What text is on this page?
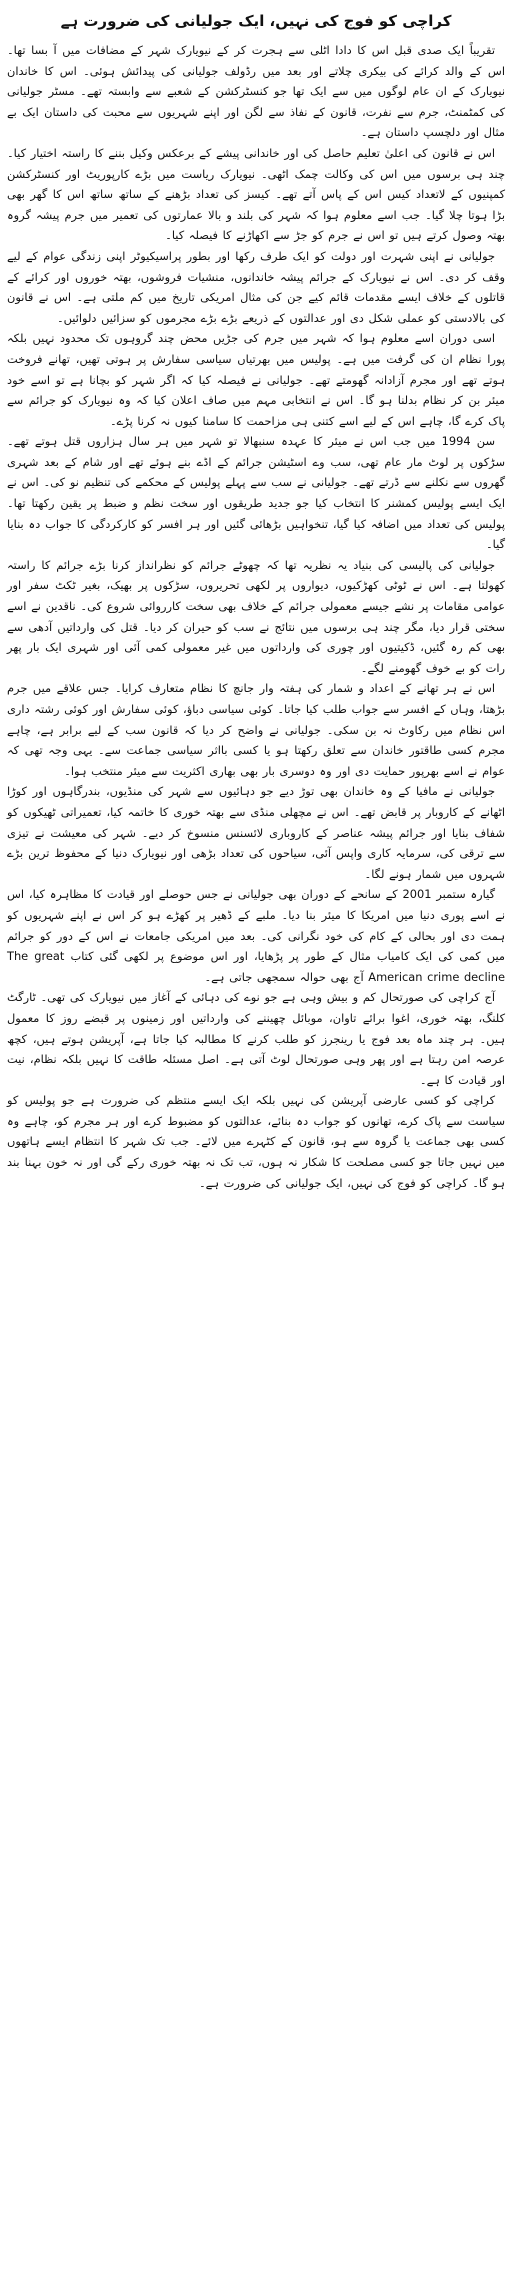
کراچی کو فوج کی نہیں، ایک جولیانی کی ضرورت ہے

تقریباً ایک صدی قبل اس کا دادا اٹلی سے ہجرت کر کے نیویارک شہر کے مضافات میں آ بسا تھا۔ اس کے والد کرائے کی بیکری چلاتے اور بعد میں رڈولف جولیانی کی پیدائش ہوئی۔ اس کا خاندان نیویارک کے ان عام لوگوں میں سے ایک تھا جو کنسٹرکشن کے شعبے سے وابستہ تھے۔ مسٹر جولیانی کی کمٹمنٹ، جرم سے نفرت، قانون کے نفاذ سے لگن اور اپنے شہریوں سے محبت کی داستان ایک بے مثال اور دلچسپ داستان ہے۔

اس نے قانون کی اعلیٰ تعلیم حاصل کی اور خاندانی پیشے کے برعکس وکیل بننے کا راستہ اختیار کیا۔ چند ہی برسوں میں اس کی وکالت چمک اٹھی۔ نیویارک ریاست میں بڑے کارپوریٹ اور کنسٹرکشن کمپنیوں کے لاتعداد کیس اس کے پاس آتے تھے۔ کیسز کی تعداد بڑھنے کے ساتھ ساتھ اس کا گھر بھی بڑا ہوتا چلا گیا۔ جب اسے معلوم ہوا کہ شہر کی بلند و بالا عمارتوں کی تعمیر میں جرم پیشہ گروہ بھتہ وصول کرتے ہیں تو اس نے جرم کو جڑ سے اکھاڑنے کا فیصلہ کیا۔

جولیانی نے اپنی شہرت اور دولت کو ایک طرف رکھا اور بطور پراسیکیوٹر اپنی زندگی عوام کے لیے وقف کر دی۔ اس نے نیویارک کے جرائم پیشہ خاندانوں، منشیات فروشوں، بھتہ خوروں اور کرائے کے قاتلوں کے خلاف ایسے مقدمات قائم کیے جن کی مثال امریکی تاریخ میں کم ملتی ہے۔ اس نے قانون کی بالادستی کو عملی شکل دی اور عدالتوں کے ذریعے بڑے بڑے مجرموں کو سزائیں دلوائیں۔

اسی دوران اسے معلوم ہوا کہ شہر میں جرم کی جڑیں محض چند گروہوں تک محدود نہیں بلکہ پورا نظام ان کی گرفت میں ہے۔ پولیس میں بھرتیاں سیاسی سفارش پر ہوتی تھیں، تھانے فروخت ہوتے تھے اور مجرم آزادانہ گھومتے تھے۔ جولیانی نے فیصلہ کیا کہ اگر شہر کو بچانا ہے تو اسے خود میئر بن کر نظام بدلنا ہو گا۔ اس نے انتخابی مہم میں صاف اعلان کیا کہ وہ نیویارک کو جرائم سے پاک کرے گا، چاہے اس کے لیے اسے کتنی ہی مزاحمت کا سامنا کیوں نہ کرنا پڑے۔

سن 1994 میں جب اس نے میئر کا عہدہ سنبھالا تو شہر میں ہر سال ہزاروں قتل ہوتے تھے۔ سڑکوں پر لوٹ مار عام تھی، سب وے اسٹیشن جرائم کے اڈے بنے ہوئے تھے اور شام کے بعد شہری گھروں سے نکلنے سے ڈرتے تھے۔ جولیانی نے سب سے پہلے پولیس کے محکمے کی تنظیم نو کی۔ اس نے ایک ایسے پولیس کمشنر کا انتخاب کیا جو جدید طریقوں اور سخت نظم و ضبط پر یقین رکھتا تھا۔ پولیس کی تعداد میں اضافہ کیا گیا، تنخواہیں بڑھائی گئیں اور ہر افسر کو کارکردگی کا جواب دہ بنایا گیا۔

جولیانی کی پالیسی کی بنیاد یہ نظریہ تھا کہ چھوٹے جرائم کو نظرانداز کرنا بڑے جرائم کا راستہ کھولتا ہے۔ اس نے ٹوٹی کھڑکیوں، دیواروں پر لکھی تحریروں، سڑکوں پر بھیک، بغیر ٹکٹ سفر اور عوامی مقامات پر نشے جیسے معمولی جرائم کے خلاف بھی سخت کارروائی شروع کی۔ ناقدین نے اسے سختی قرار دیا، مگر چند ہی برسوں میں نتائج نے سب کو حیران کر دیا۔ قتل کی وارداتیں آدھی سے بھی کم رہ گئیں، ڈکیتیوں اور چوری کی وارداتوں میں غیر معمولی کمی آئی اور شہری ایک بار پھر رات کو بے خوف گھومنے لگے۔

اس نے ہر تھانے کے اعداد و شمار کی ہفتہ وار جانچ کا نظام متعارف کرایا۔ جس علاقے میں جرم بڑھتا، وہاں کے افسر سے جواب طلب کیا جاتا۔ کوئی سیاسی دباؤ، کوئی سفارش اور کوئی رشتہ داری اس نظام میں رکاوٹ نہ بن سکی۔ جولیانی نے واضح کر دیا کہ قانون سب کے لیے برابر ہے، چاہے مجرم کسی طاقتور خاندان سے تعلق رکھتا ہو یا کسی بااثر سیاسی جماعت سے۔ یہی وجہ تھی کہ عوام نے اسے بھرپور حمایت دی اور وہ دوسری بار بھی بھاری اکثریت سے میئر منتخب ہوا۔

جولیانی نے مافیا کے وہ خاندان بھی توڑ دیے جو دہائیوں سے شہر کی منڈیوں، بندرگاہوں اور کوڑا اٹھانے کے کاروبار پر قابض تھے۔ اس نے مچھلی منڈی سے بھتہ خوری کا خاتمہ کیا، تعمیراتی ٹھیکوں کو شفاف بنایا اور جرائم پیشہ عناصر کے کاروباری لائسنس منسوخ کر دیے۔ شہر کی معیشت نے تیزی سے ترقی کی، سرمایہ کاری واپس آئی، سیاحوں کی تعداد بڑھی اور نیویارک دنیا کے محفوظ ترین بڑے شہروں میں شمار ہونے لگا۔

گیارہ ستمبر 2001 کے سانحے کے دوران بھی جولیانی نے جس حوصلے اور قیادت کا مظاہرہ کیا، اس نے اسے پوری دنیا میں امریکا کا میئر بنا دیا۔ ملبے کے ڈھیر پر کھڑے ہو کر اس نے اپنے شہریوں کو ہمت دی اور بحالی کے کام کی خود نگرانی کی۔ بعد میں امریکی جامعات نے اس کے دور کو جرائم میں کمی کی ایک کامیاب مثال کے طور پر پڑھایا، اور اس موضوع پر لکھی گئی کتاب The great American crime decline آج بھی حوالہ سمجھی جاتی ہے۔

آج کراچی کی صورتحال کم و بیش وہی ہے جو نوے کی دہائی کے آغاز میں نیویارک کی تھی۔ ٹارگٹ کلنگ، بھتہ خوری، اغوا برائے تاوان، موبائل چھیننے کی وارداتیں اور زمینوں پر قبضے روز کا معمول ہیں۔ ہر چند ماہ بعد فوج یا رینجرز کو طلب کرنے کا مطالبہ کیا جاتا ہے، آپریشن ہوتے ہیں، کچھ عرصہ امن رہتا ہے اور پھر وہی صورتحال لوٹ آتی ہے۔ اصل مسئلہ طاقت کا نہیں بلکہ نظام، نیت اور قیادت کا ہے۔

کراچی کو کسی عارضی آپریشن کی نہیں بلکہ ایک ایسے منتظم کی ضرورت ہے جو پولیس کو سیاست سے پاک کرے، تھانوں کو جواب دہ بنائے، عدالتوں کو مضبوط کرے اور ہر مجرم کو، چاہے وہ کسی بھی جماعت یا گروہ سے ہو، قانون کے کٹہرے میں لائے۔ جب تک شہر کا انتظام ایسے ہاتھوں میں نہیں جاتا جو کسی مصلحت کا شکار نہ ہوں، تب تک نہ بھتہ خوری رکے گی اور نہ خون بہنا بند ہو گا۔ کراچی کو فوج کی نہیں، ایک جولیانی کی ضرورت ہے۔
